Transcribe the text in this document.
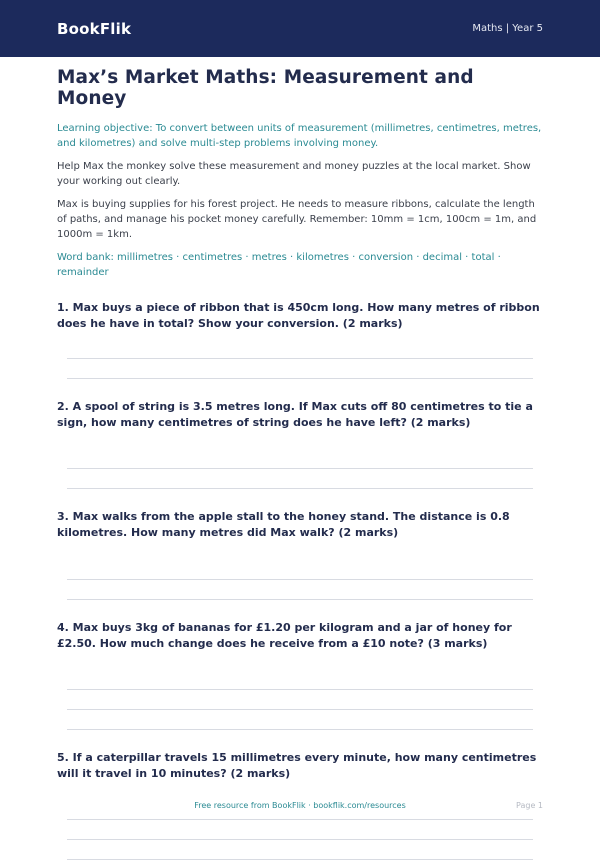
BookFlik	Maths | Year 5
Max’s Market Maths: Measurement and Money
Learning objective: To convert between units of measurement (millimetres, centimetres, metres, and kilometres) and solve multi-step problems involving money.
Help Max the monkey solve these measurement and money puzzles at the local market. Show your working out clearly.
Max is buying supplies for his forest project. He needs to measure ribbons, calculate the length of paths, and manage his pocket money carefully. Remember: 10mm = 1cm, 100cm = 1m, and 1000m = 1km.
Word bank: millimetres · centimetres · metres · kilometres · conversion · decimal · total · remainder
1. Max buys a piece of ribbon that is 450cm long. How many metres of ribbon does he have in total? Show your conversion. (2 marks)
2. A spool of string is 3.5 metres long. If Max cuts off 80 centimetres to tie a sign, how many centimetres of string does he have left? (2 marks)
3. Max walks from the apple stall to the honey stand. The distance is 0.8 kilometres. How many metres did Max walk? (2 marks)
4. Max buys 3kg of bananas for £1.20 per kilogram and a jar of honey for £2.50. How much change does he receive from a £10 note? (3 marks)
5. If a caterpillar travels 15 millimetres every minute, how many centimetres will it travel in 10 minutes? (2 marks)
Free resource from BookFlik · bookflik.com/resources	Page 1
